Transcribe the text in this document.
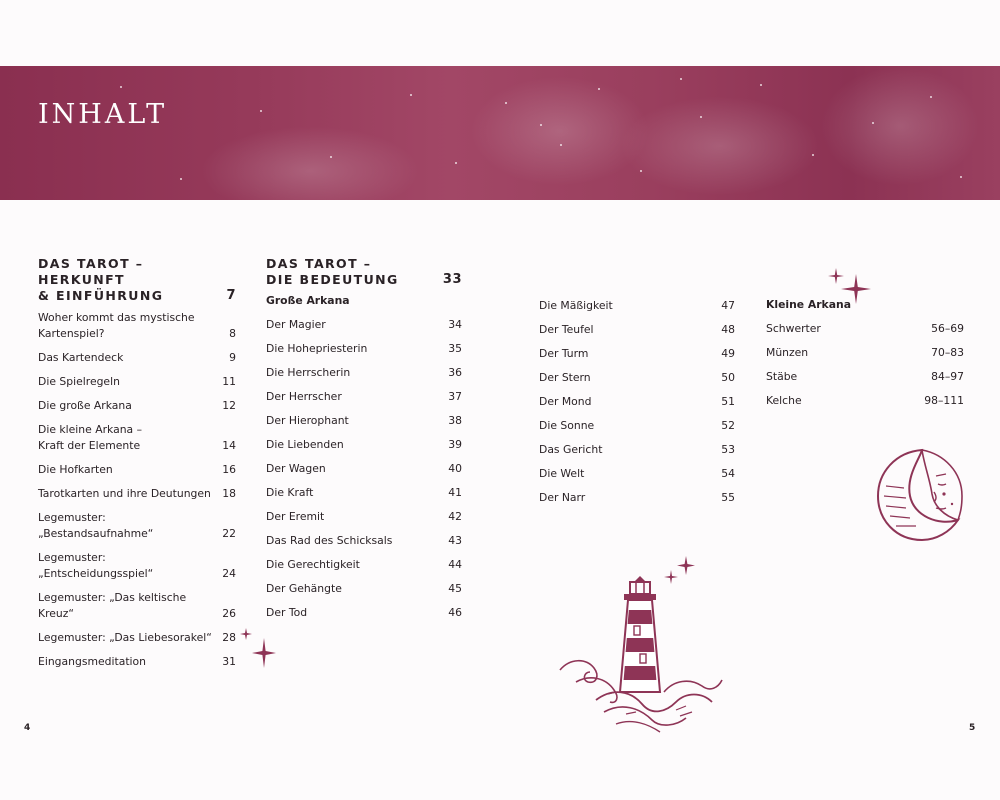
INHALT
DAS TAROT – HERKUNFT
& EINFÜHRUNG	7
Woher kommt das mystische
Kartenspiel?	8
Das Kartendeck	9
Die Spielregeln	11
Die große Arkana	12
Die kleine Arkana –
Kraft der Elemente	14
Die Hofkarten	16
Tarotkarten und ihre Deutungen	18
Legemuster: „Bestandsaufnahme“	22
Legemuster: „Entscheidungsspiel“	24
Legemuster: „Das keltische Kreuz“	26
Legemuster: „Das Liebesorakel“ 28
Eingangsmeditation	31
DAS TAROT –
DIE BEDEUTUNG	33
Große Arkana
Der Magier	34
Die Hohepriesterin	35
Die Herrscherin	36
Der Herrscher	37
Der Hierophant	38
Die Liebenden	39
Der Wagen	40
Die Kraft	41
Der Eremit	42
Das Rad des Schicksals	43
Die Gerechtigkeit	44
Der Gehängte	45
Der Tod	46
Die Mäßigkeit	47
Der Teufel	48
Der Turm	49
Der Stern	50
Der Mond	51
Die Sonne	52
Das Gericht	53
Die Welt	54
Der Narr	55
Kleine Arkana
Schwerter	56–69
Münzen	70–83
Stäbe	84–97
Kelche	98–111
4	5
